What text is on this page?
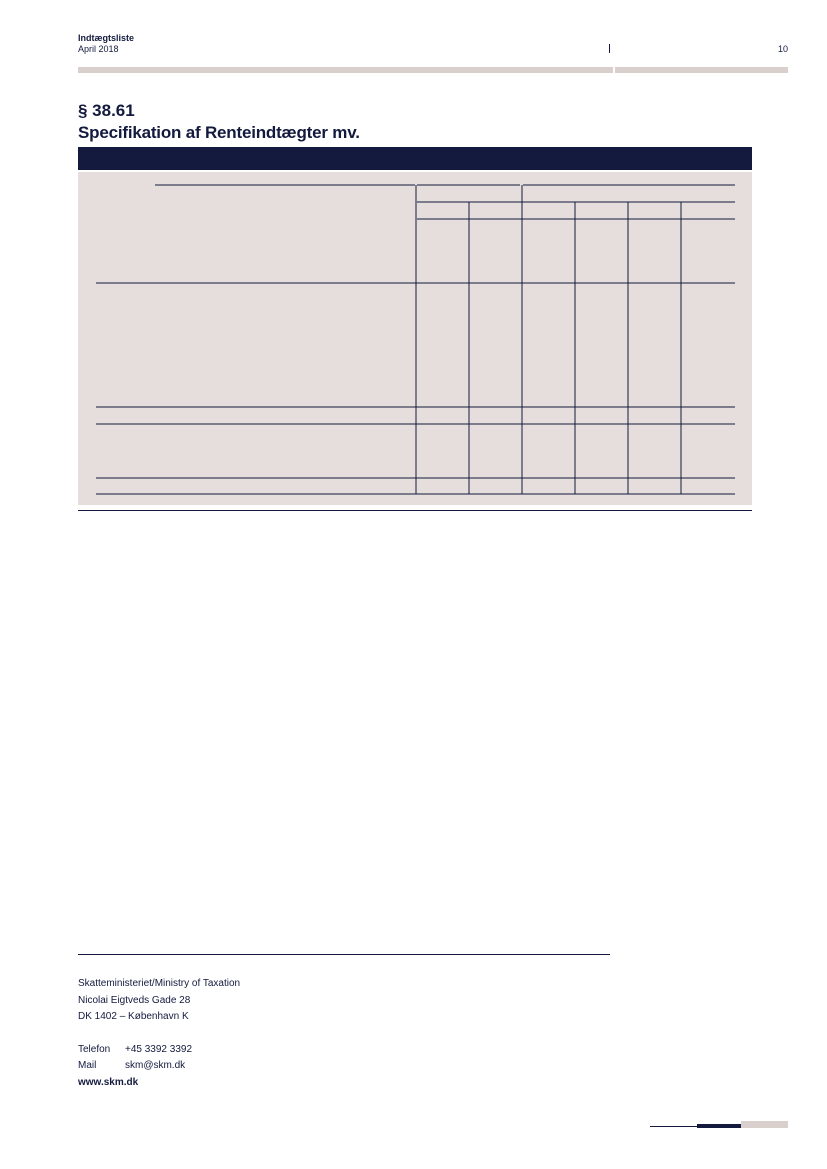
Indtægtsliste
April 2018	10
§ 38.61
Specifikation af Renteindtægter mv.
Skatteministeriet/Ministry of Taxation
Nicolai Eigtveds Gade 28
DK 1402 – København K
Telefon +45 3392 3392
Mail	skm@skm.dk
www.skm.dk
